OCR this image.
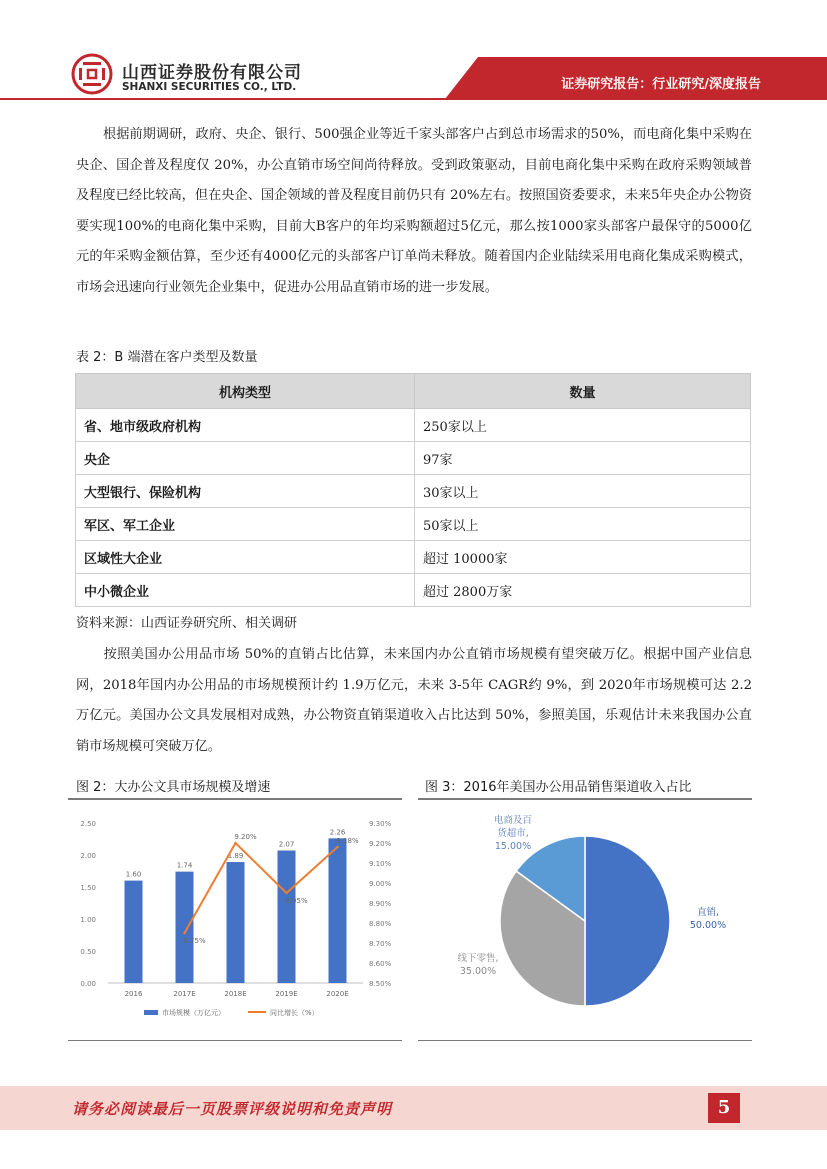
山西证券股份有限公司
SHANXI SECURITIES CO., LTD.	证券研究报告：行业研究/深度报告
根据前期调研，政府、央企、银行、500强企业等近千家头部客户占到总市场需求的50%，而电商化集中采购在央企、国企普及程度仅 20%，办公直销市场空间尚待释放。受到政策驱动，目前电商化集中采购在政府采购领域普及程度已经比较高，但在央企、国企领域的普及程度目前仍只有 20%左右。按照国资委要求，未来5年央企办公物资要实现100%的电商化集中采购，目前大B客户的年均采购额超过5亿元，那么按1000家头部客户最保守的5000亿元的年采购金额估算，至少还有4000亿元的头部客户订单尚未释放。随着国内企业陆续采用电商化集成采购模式，市场会迅速向行业领先企业集中，促进办公用品直销市场的进一步发展。
表 2：B 端潜在客户类型及数量
机构类型	数量
省、地市级政府机构	250家以上
央企	97家
大型银行、保险机构	30家以上
军区、军工企业	50家以上
区域性大企业	超过 10000家
中小微企业	超过 2800万家
资料来源：山西证券研究所、相关调研
按照美国办公用品市场 50%的直销占比估算，未来国内办公直销市场规模有望突破万亿。根据中国产业信息网，2018年国内办公用品的市场规模预计约 1.9万亿元，未来 3-5年 CAGR约 9%，到 2020年市场规模可达 2.2万亿元。美国办公文具发展相对成熟，办公物资直销渠道收入占比达到 50%，参照美国，乐观估计未来我国办公直销市场规模可突破万亿。
图 2：大办公文具市场规模及增速	图 3：2016年美国办公用品销售渠道收入占比
2.50
2.00
1.50
1.00
0.50
0.00
9.30%
9.20%
9.10%
9.00%
8.90%
8.80%
8.70%
8.60%
8.50%
1.60
2016
1.74
2017E
1.89
2018E
2.07
2019E
2.26
2020E
8.75%
9.20%
8.95%
9.18%
市场规模（万亿元）	同比增长（%）
直销,
50.00%
线下零售,
35.00%
电商及百
货超市,
15.00%
请务必阅读最后一页股票评级说明和免责声明	5
